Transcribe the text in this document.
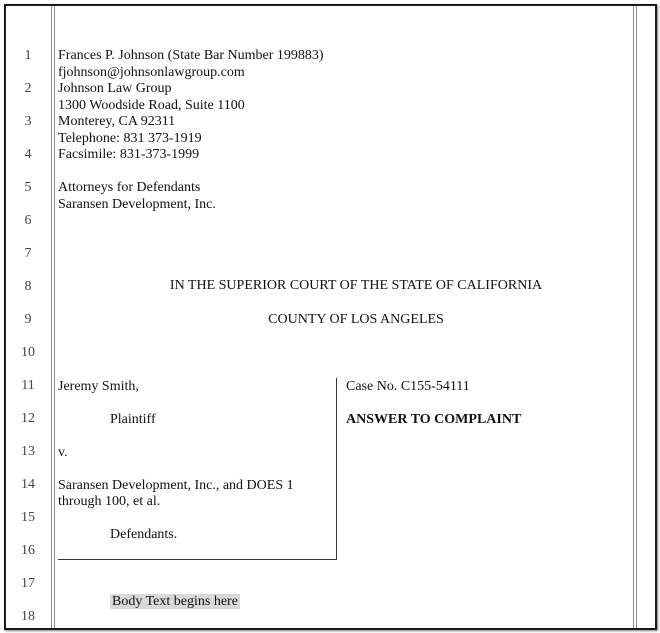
1
2
3
4
5
6
7
8
9
10
11
12
13
14
15
16
17
18
Frances P. Johnson (State Bar Number 199883)
fjohnson@johnsonlawgroup.com
Johnson Law Group
1300 Woodside Road, Suite 1100
Monterey, CA 92311
Telephone: 831 373-1919
Facsimile: 831-373-1999
Attorneys for Defendants
Saransen Development, Inc.
IN THE SUPERIOR COURT OF THE STATE OF CALIFORNIA
COUNTY OF LOS ANGELES
Jeremy Smith,
Plaintiff
v.
Saransen Development, Inc., and DOES 1
through 100, et al.
Defendants.
Case No. C155-54111
ANSWER TO COMPLAINT
Body Text begins here
